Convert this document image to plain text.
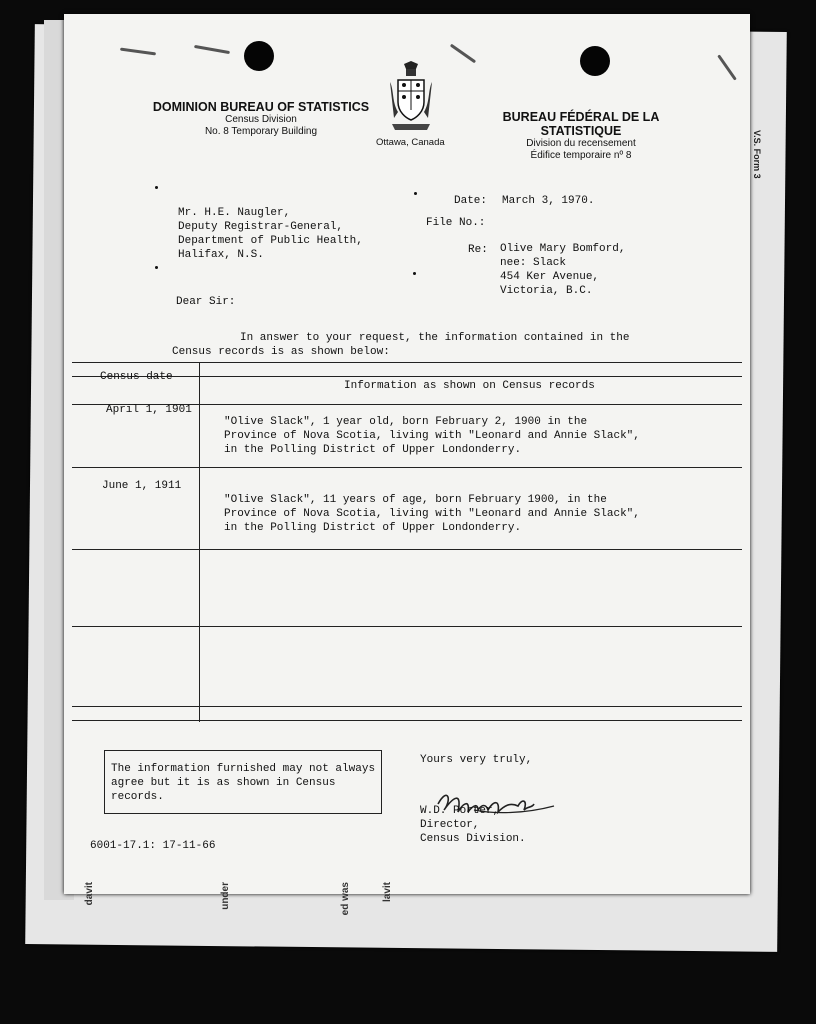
DOMINION BUREAU OF STATISTICS
Census Division
No. 8 Temporary Building
Ottawa, Canada
BUREAU FÉDÉRAL DE LA STATISTIQUE
Division du recensement
Édifice temporaire nº 8
Mr. H.E. Naugler,
Deputy Registrar-General,
Department of Public Health,
Halifax, N.S.
Date: March 3, 1970.
File No.:
Re: Olive Mary Bomford,
nee: Slack
454 Ker Avenue,
Victoria, B.C.
Dear Sir:
In answer to your request, the information contained in the
Census records is as shown below:
Census date
Information as shown on Census records
April 1, 1901
"Olive Slack", 1 year old, born February 2, 1900 in the
Province of Nova Scotia, living with "Leonard and Annie Slack",
in the Polling District of Upper Londonderry.
June 1, 1911
"Olive Slack", 11 years of age, born February 1900, in the
Province of Nova Scotia, living with "Leonard and Annie Slack",
in the Polling District of Upper Londonderry.
The information furnished may not always
agree but it is as shown in Census
records.
Yours very truly,
W.D. Porter,
Director,
Census Division.
6001-17.1: 17-11-66
V.S. Form 3
davit	under	ed was	lavit
